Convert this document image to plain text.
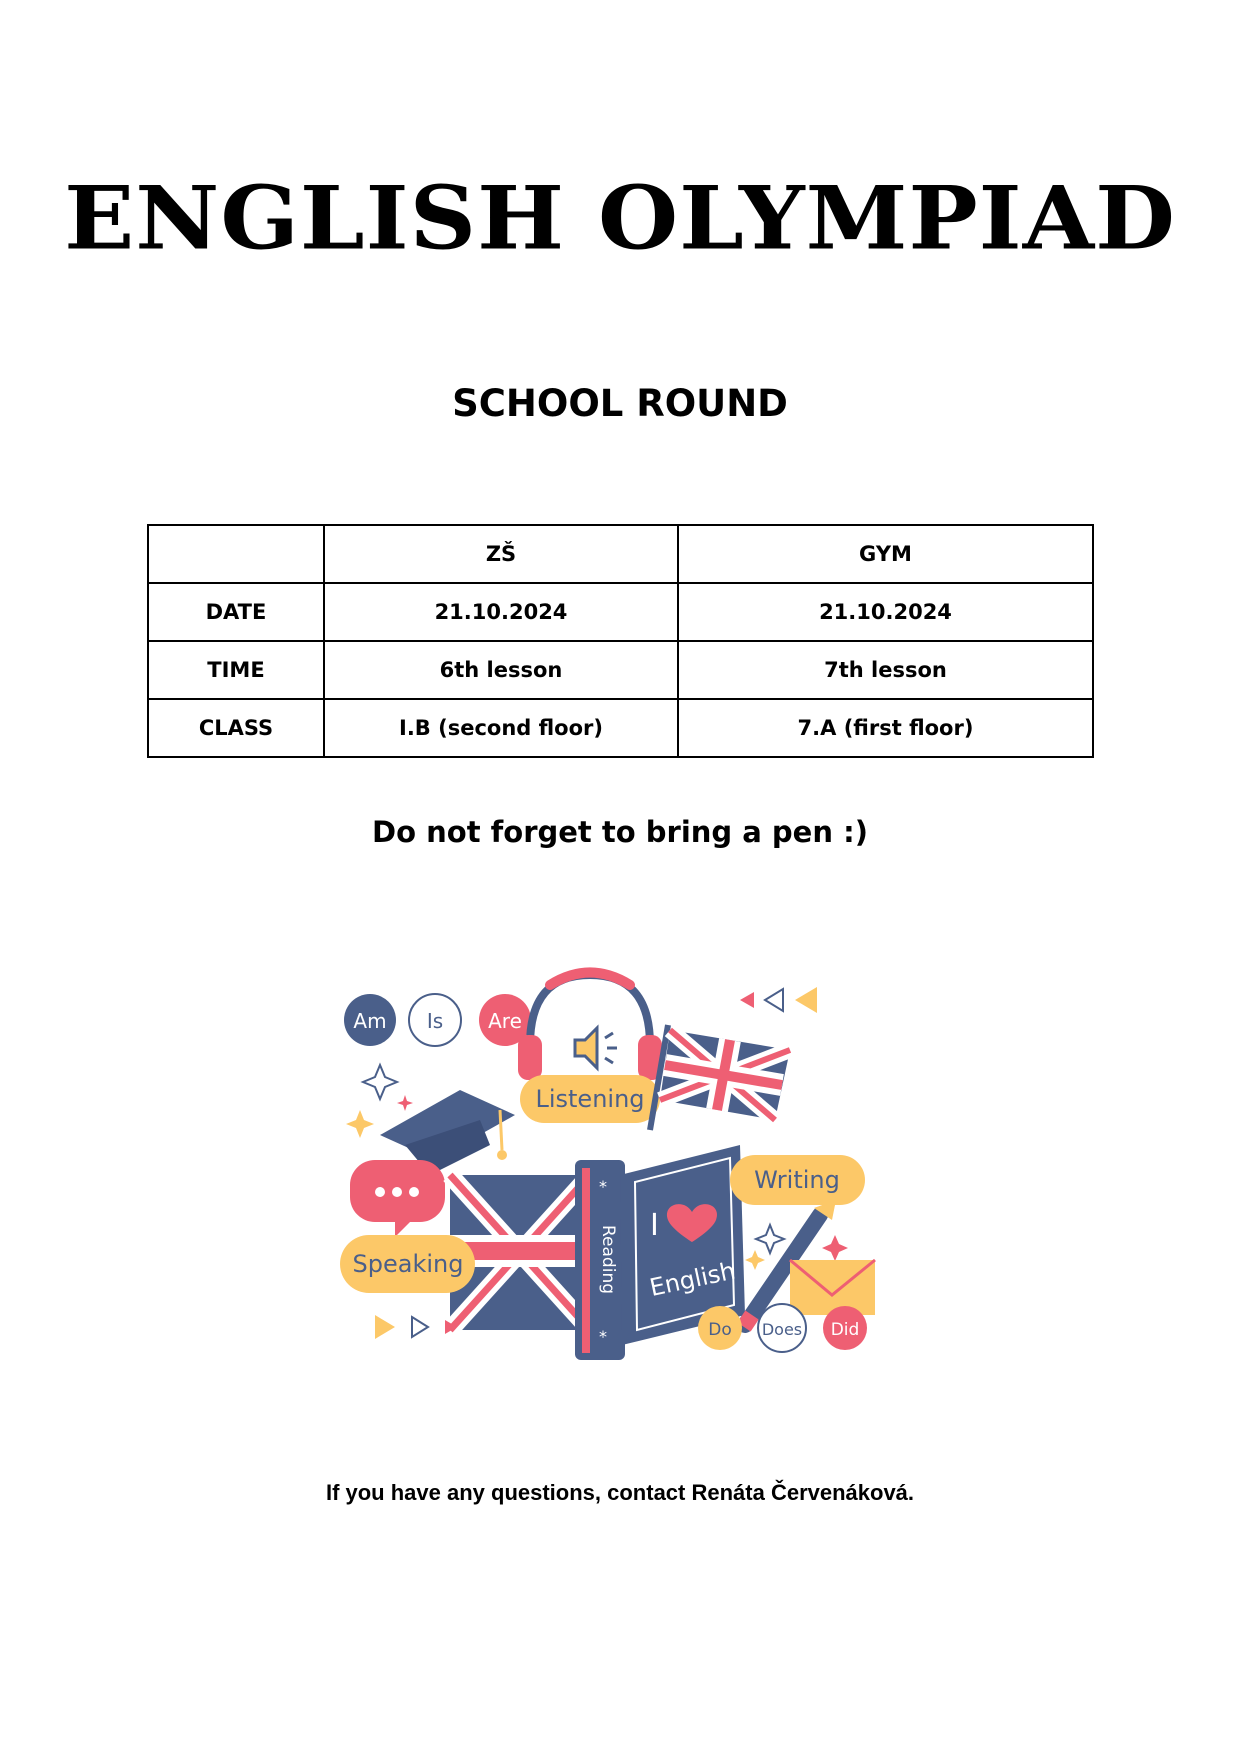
ENGLISH OLYMPIAD
SCHOOL ROUND
	ZŠ	GYM
DATE	21.10.2024	21.10.2024
TIME	6th lesson	7th lesson
CLASS	I.B (second floor)	7.A (first floor)
Do not forget to bring a pen :)
Am Is Are
Listening
Reading
*
*
I
English
Writing
Speaking
Do Does Did
If you have any questions, contact Renáta Červenáková.
